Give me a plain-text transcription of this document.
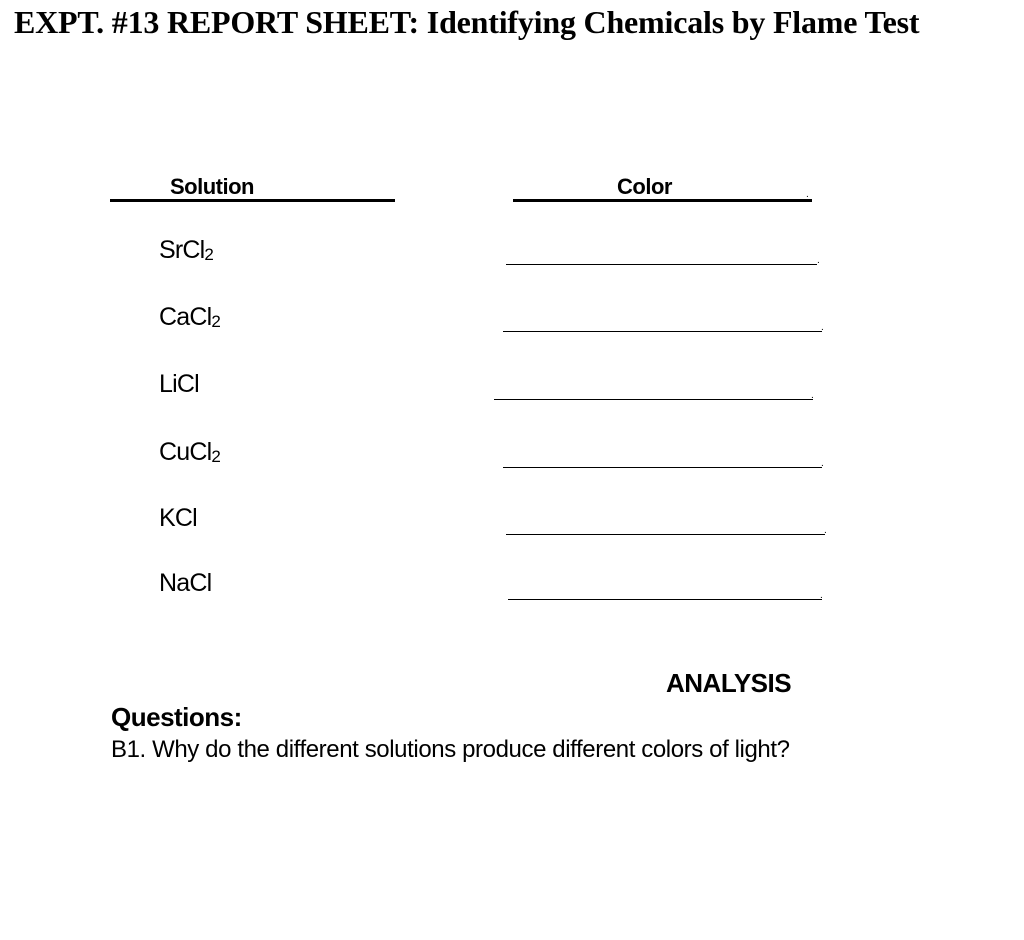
EXPT. #13 REPORT SHEET: Identifying Chemicals by Flame Test
Solution	Color	.
SrCl$_2$	.
CaCl$_2$	.
LiCl	.
CuCl$_2$	.
KCl	.
NaCl	.
ANALYSIS
Questions:
B1. Why do the different solutions produce different colors of light?
